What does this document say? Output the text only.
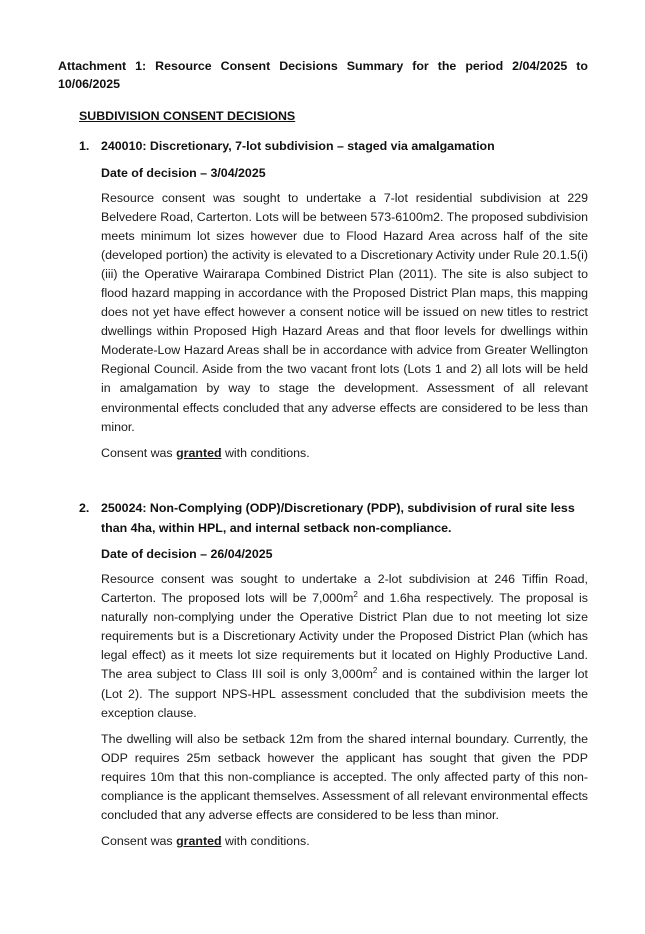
Attachment 1: Resource Consent Decisions Summary for the period 2/04/2025 to 10/06/2025
SUBDIVISION CONSENT DECISIONS
1. 240010: Discretionary, 7-lot subdivision – staged via amalgamation

Date of decision – 3/04/2025

Resource consent was sought to undertake a 7-lot residential subdivision at 229 Belvedere Road, Carterton. Lots will be between 573-6100m2. The proposed subdivision meets minimum lot sizes however due to Flood Hazard Area across half of the site (developed portion) the activity is elevated to a Discretionary Activity under Rule 20.1.5(i)(iii) the Operative Wairarapa Combined District Plan (2011). The site is also subject to flood hazard mapping in accordance with the Proposed District Plan maps, this mapping does not yet have effect however a consent notice will be issued on new titles to restrict dwellings within Proposed High Hazard Areas and that floor levels for dwellings within Moderate-Low Hazard Areas shall be in accordance with advice from Greater Wellington Regional Council. Aside from the two vacant front lots (Lots 1 and 2) all lots will be held in amalgamation by way to stage the development. Assessment of all relevant environmental effects concluded that any adverse effects are considered to be less than minor.

Consent was granted with conditions.

2. 250024: Non-Complying (ODP)/Discretionary (PDP), subdivision of rural site less than 4ha, within HPL, and internal setback non-compliance.

Date of decision – 26/04/2025

Resource consent was sought to undertake a 2-lot subdivision at 246 Tiffin Road, Carterton. The proposed lots will be $7,000m^2$ and 1.6ha respectively. The proposal is naturally non-complying under the Operative District Plan due to not meeting lot size requirements but is a Discretionary Activity under the Proposed District Plan (which has legal effect) as it meets lot size requirements but it located on Highly Productive Land. The area subject to Class III soil is only $3,000m^2$ and is contained within the larger lot (Lot 2). The support NPS-HPL assessment concluded that the subdivision meets the exception clause.

The dwelling will also be setback 12m from the shared internal boundary. Currently, the ODP requires 25m setback however the applicant has sought that given the PDP requires 10m that this non-compliance is accepted. The only affected party of this non-compliance is the applicant themselves. Assessment of all relevant environmental effects concluded that any adverse effects are considered to be less than minor.

Consent was granted with conditions.
